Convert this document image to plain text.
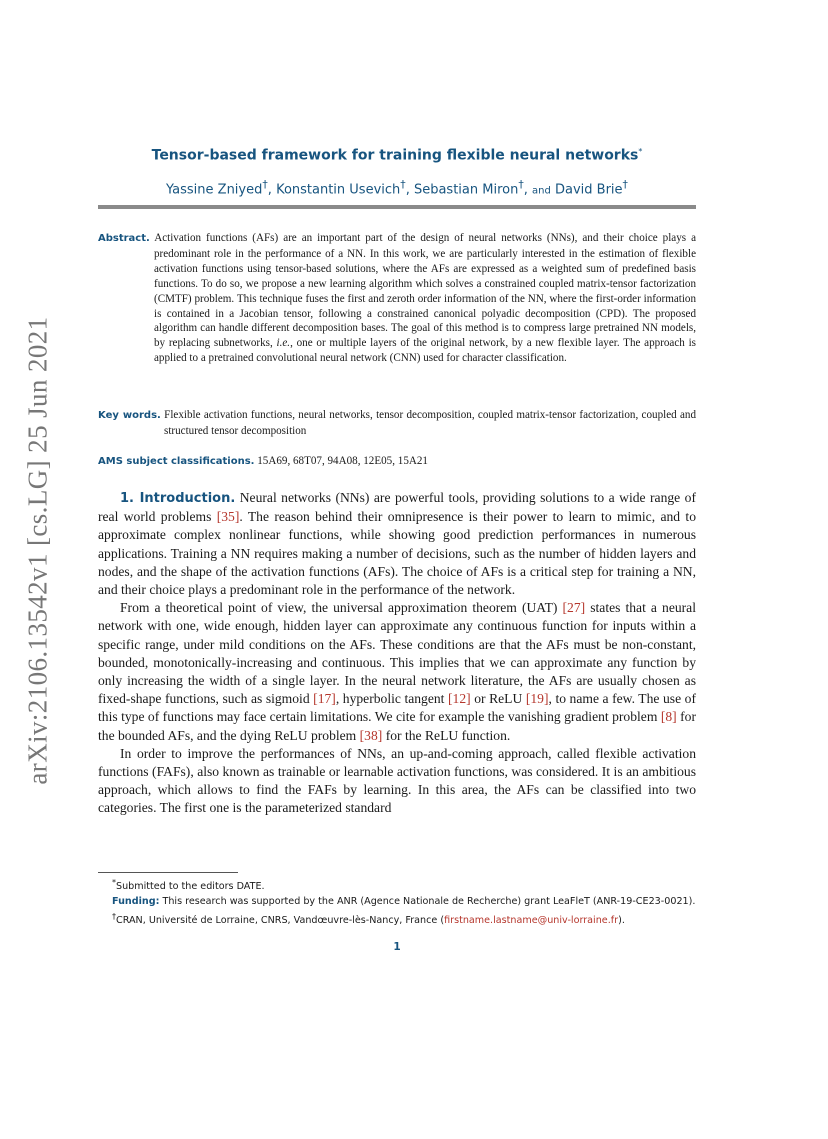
arXiv:2106.13542v1 [cs.LG] 25 Jun 2021
Tensor-based framework for training flexible neural networks*
Yassine Zniyed†, Konstantin Usevich†, Sebastian Miron†, and David Brie†
Abstract. Activation functions (AFs) are an important part of the design of neural networks (NNs), and their choice plays a predominant role in the performance of a NN. In this work, we are particularly interested in the estimation of flexible activation functions using tensor-based solutions, where the AFs are expressed as a weighted sum of predefined basis functions. To do so, we propose a new learning algorithm which solves a constrained coupled matrix-tensor factorization (CMTF) problem. This technique fuses the first and zeroth order information of the NN, where the first-order information is contained in a Jacobian tensor, following a constrained canonical polyadic decomposition (CPD). The proposed algorithm can handle different decomposition bases. The goal of this method is to compress large pretrained NN models, by replacing subnetworks, i.e., one or multiple layers of the original network, by a new flexible layer. The approach is applied to a pretrained convolutional neural network (CNN) used for character classification.
Key words. Flexible activation functions, neural networks, tensor decomposition, coupled matrix-tensor factorization, coupled and structured tensor decomposition
AMS subject classifications. 15A69, 68T07, 94A08, 12E05, 15A21

1. Introduction. Neural networks (NNs) are powerful tools, providing solutions to a wide range of real world problems [35]. The reason behind their omnipresence is their power to learn to mimic, and to approximate complex nonlinear functions, while showing good prediction performances in numerous applications. Training a NN requires making a number of decisions, such as the number of hidden layers and nodes, and the shape of the activation functions (AFs). The choice of AFs is a critical step for training a NN, and their choice plays a predominant role in the performance of the network.

From a theoretical point of view, the universal approximation theorem (UAT) [27] states that a neural network with one, wide enough, hidden layer can approximate any continuous function for inputs within a specific range, under mild conditions on the AFs. These conditions are that the AFs must be non-constant, bounded, monotonically-increasing and continuous. This implies that we can approximate any function by only increasing the width of a single layer. In the neural network literature, the AFs are usually chosen as fixed-shape functions, such as sigmoid [17], hyperbolic tangent [12] or ReLU [19], to name a few. The use of this type of functions may face certain limitations. We cite for example the vanishing gradient problem [8] for the bounded AFs, and the dying ReLU problem [38] for the ReLU function.

In order to improve the performances of NNs, an up-and-coming approach, called flexible activation functions (FAFs), also known as trainable or learnable activation functions, was considered. It is an ambitious approach, which allows to find the FAFs by learning. In this area, the AFs can be classified into two categories. The first one is the parameterized standard

*Submitted to the editors DATE.
Funding: This research was supported by the ANR (Agence Nationale de Recherche) grant LeaFleT (ANR-19-CE23-0021).
†CRAN, Université de Lorraine, CNRS, Vandœuvre-lès-Nancy, France (firstname.lastname@univ-lorraine.fr).
1
